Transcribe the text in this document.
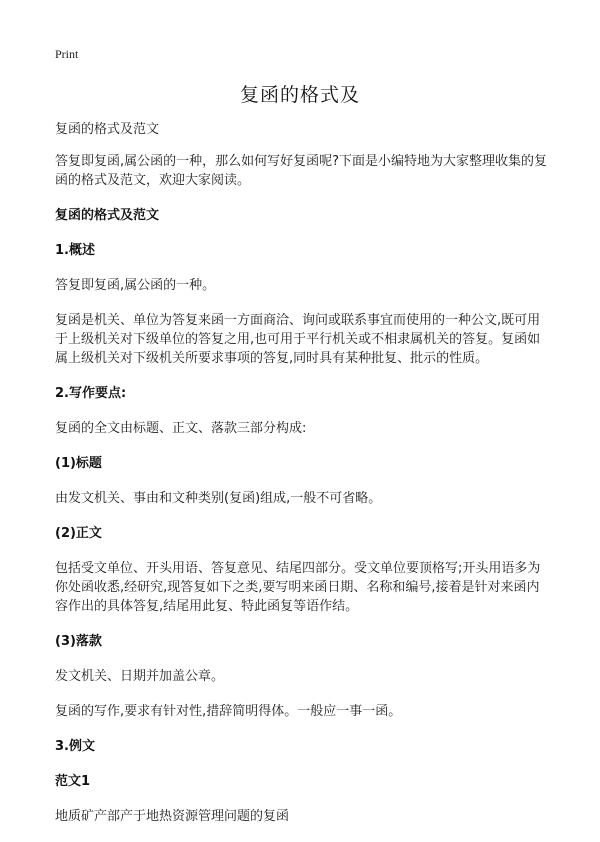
Print
复函的格式及

复函的格式及范文

答复即复函,属公函的一种，那么如何写好复函呢?下面是小编特地为大家整理收集的复函的格式及范文，欢迎大家阅读。

复函的格式及范文
1.概述

答复即复函,属公函的一种。

复函是机关、单位为答复来函一方面商洽、询问或联系事宜而使用的一种公文,既可用于上级机关对下级单位的答复之用,也可用于平行机关或不相隶属机关的答复。复函如属上级机关对下级机关所要求事项的答复,同时具有某种批复、批示的性质。

2.写作要点:

复函的全文由标题、正文、落款三部分构成:

(1)标题

由发文机关、事由和文种类别(复函)组成,一般不可省略。

(2)正文

包括受文单位、开头用语、答复意见、结尾四部分。受文单位要顶格写;开头用语多为你处函收悉,经研究,现答复如下之类,要写明来函日期、名称和编号,接着是针对来函内容作出的具体答复,结尾用此复、特此函复等语作结。

(3)落款

发文机关、日期并加盖公章。

复函的写作,要求有针对性,措辞简明得体。一般应一事一函。

3.例文
范文1

地质矿产部产于地热资源管理问题的复函
